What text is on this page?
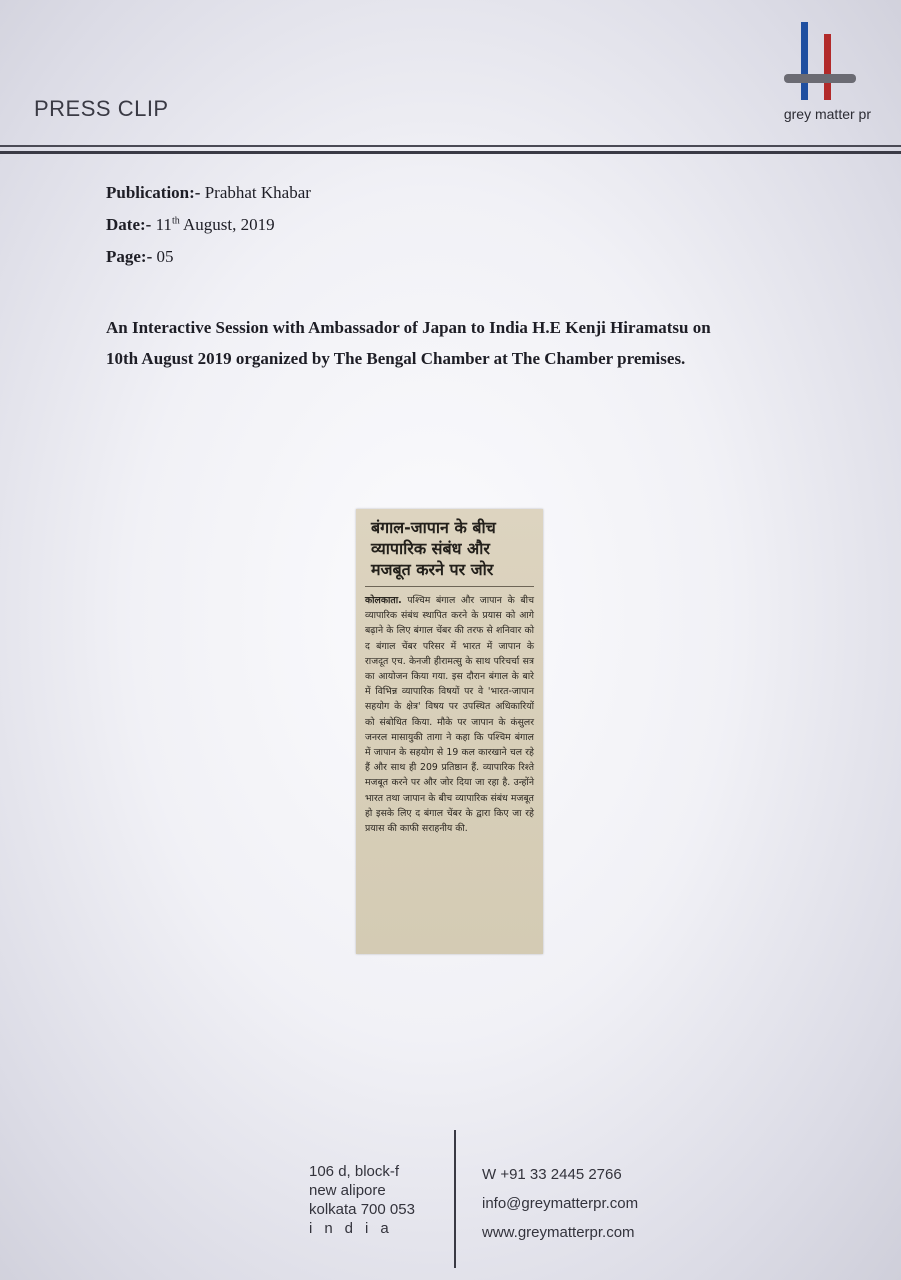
PRESS CLIP	grey matter pr
Publication:- Prabhat Khabar
Date:- 11th August, 2019
Page:- 05
An Interactive Session with Ambassador of Japan to India H.E Kenji Hiramatsu on
10th August 2019 organized by The Bengal Chamber at The Chamber premises.
बंगाल-जापान के बीच
व्यापारिक संबंध और
मजबूत करने पर जोर
कोलकाता. पश्चिम बंगाल और जापान के बीच व्यापारिक संबंध स्थापित करने के प्रयास को आगे बढ़ाने के लिए बंगाल चेंबर की तरफ से शनिवार को द बंगाल चेंबर परिसर में भारत में जापान के राजदूत एच. केनजी हीरामत्सु के साथ परिचर्चा सत्र का आयोजन किया गया. इस दौरान बंगाल के बारे में विभिन्न व्यापारिक विषयों पर वे 'भारत-जापान सहयोग के क्षेत्र' विषय पर उपस्थित अधिकारियों को संबोधित किया. मौके पर जापान के कंसुलर जनरल मासायुकी तागा ने कहा कि पश्चिम बंगाल में जापान के सहयोग से 19 कल कारखाने चल रहे हैं और साथ ही 209 प्रतिष्ठान हैं. व्यापारिक रिश्ते मजबूत करने पर और जोर दिया जा रहा है. उन्होंने भारत तथा जापान के बीच व्यापारिक संबंध मजबूत हो इसके लिए द बंगाल चेंबर के द्वारा किए जा रहे प्रयास की काफी सराहनीय की.
106 d, block-f
new alipore
kolkata 700 053
india
W +91 33 2445 2766
info@greymatterpr.com
www.greymatterpr.com
